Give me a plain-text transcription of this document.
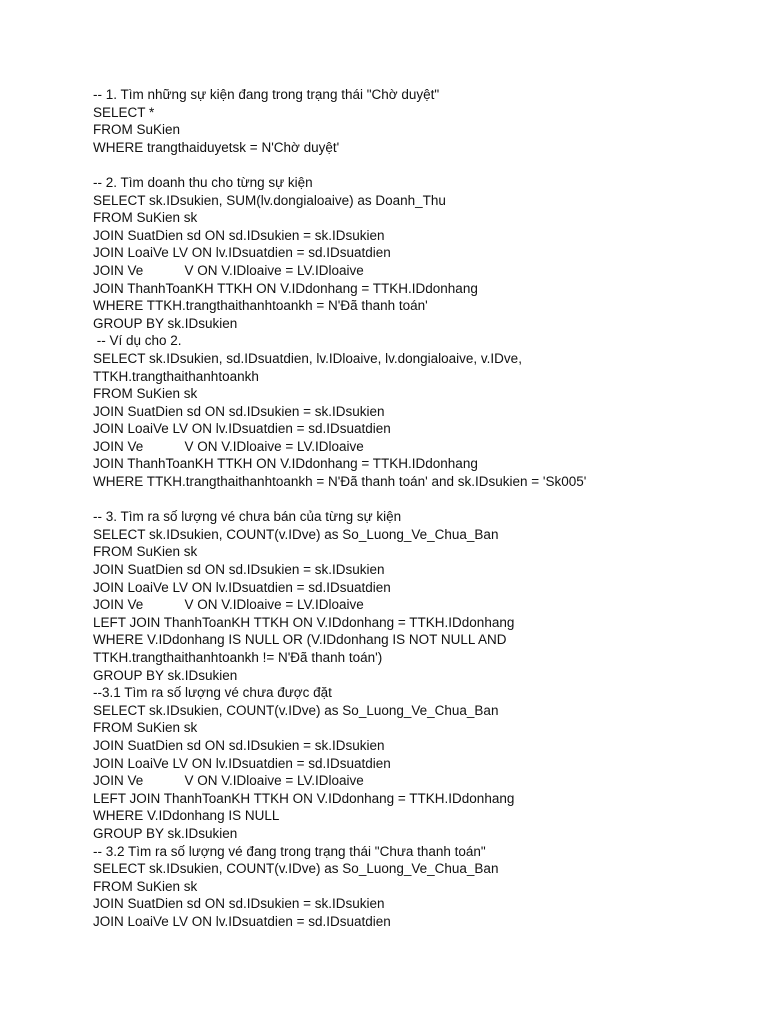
-- 1. Tìm những sự kiện đang trong trạng thái "Chờ duyệt"
SELECT *
FROM SuKien
WHERE trangthaiduyetsk = N'Chờ duyệt'
-- 2. Tìm doanh thu cho từng sự kiện
SELECT sk.IDsukien, SUM(lv.dongialoaive) as Doanh_Thu
FROM SuKien sk
JOIN SuatDien sd ON sd.IDsukien = sk.IDsukien
JOIN LoaiVe LV ON lv.IDsuatdien = sd.IDsuatdien
JOIN Ve           V ON V.IDloaive = LV.IDloaive
JOIN ThanhToanKH TTKH ON V.IDdonhang = TTKH.IDdonhang
WHERE TTKH.trangthaithanhtoankh = N'Đã thanh toán'
GROUP BY sk.IDsukien
-- Ví dụ cho 2.
SELECT sk.IDsukien, sd.IDsuatdien, lv.IDloaive, lv.dongialoaive, v.IDve,
TTKH.trangthaithanhtoankh
FROM SuKien sk
JOIN SuatDien sd ON sd.IDsukien = sk.IDsukien
JOIN LoaiVe LV ON lv.IDsuatdien = sd.IDsuatdien
JOIN Ve           V ON V.IDloaive = LV.IDloaive
JOIN ThanhToanKH TTKH ON V.IDdonhang = TTKH.IDdonhang
WHERE TTKH.trangthaithanhtoankh = N'Đã thanh toán' and sk.IDsukien = 'Sk005'
-- 3. Tìm ra số lượng vé chưa bán của từng sự kiện
SELECT sk.IDsukien, COUNT(v.IDve) as So_Luong_Ve_Chua_Ban
FROM SuKien sk
JOIN SuatDien sd ON sd.IDsukien = sk.IDsukien
JOIN LoaiVe LV ON lv.IDsuatdien = sd.IDsuatdien
JOIN Ve           V ON V.IDloaive = LV.IDloaive
LEFT JOIN ThanhToanKH TTKH ON V.IDdonhang = TTKH.IDdonhang
WHERE V.IDdonhang IS NULL OR (V.IDdonhang IS NOT NULL AND
TTKH.trangthaithanhtoankh != N'Đã thanh toán')
GROUP BY sk.IDsukien
--3.1 Tìm ra số lượng vé chưa được đặt
SELECT sk.IDsukien, COUNT(v.IDve) as So_Luong_Ve_Chua_Ban
FROM SuKien sk
JOIN SuatDien sd ON sd.IDsukien = sk.IDsukien
JOIN LoaiVe LV ON lv.IDsuatdien = sd.IDsuatdien
JOIN Ve           V ON V.IDloaive = LV.IDloaive
LEFT JOIN ThanhToanKH TTKH ON V.IDdonhang = TTKH.IDdonhang
WHERE V.IDdonhang IS NULL
GROUP BY sk.IDsukien
-- 3.2 Tìm ra số lượng vé đang trong trạng thái "Chưa thanh toán"
SELECT sk.IDsukien, COUNT(v.IDve) as So_Luong_Ve_Chua_Ban
FROM SuKien sk
JOIN SuatDien sd ON sd.IDsukien = sk.IDsukien
JOIN LoaiVe LV ON lv.IDsuatdien = sd.IDsuatdien
